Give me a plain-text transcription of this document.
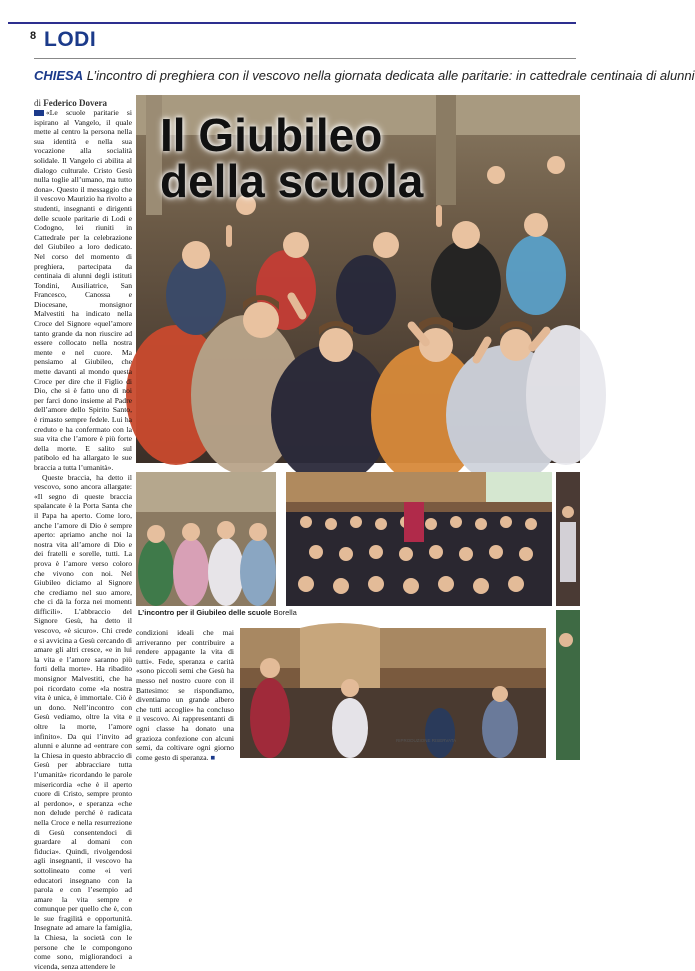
8 LODI
CHIESA L’incontro di preghiera con il vescovo nella giornata dedicata alle paritarie: in cattedrale centinaia di alunni
di Federico Dovera
Il Giubileo
della scuola

«Le scuole paritarie si ispirano al Vangelo, il quale mette al centro la persona nella sua identità e nella sua vocazione alla socialità solidale. Il Vangelo ci abilita al dialogo culturale. Cristo Gesù nulla toglie all’umano, ma tutto dona». Questo il messaggio che il vescovo Maurizio ha rivolto a studenti, insegnanti e dirigenti delle scuole paritarie di Lodi e Codogno, lei riuniti in Cattedrale per la celebrazione del Giubileo a loro dedicato. Nel corso del momento di preghiera, partecipata da centinaia di alunni degli istituti Tondini, Ausiliatrice, San Francesco, Canossa e Diocesane, monsignor Malvestiti ha indicato nella Croce del Signore «quel’amore tanto grande da non riuscire ad essere collocato nella nostra mente e nel cuore. Ma pensiamo al Giubileo, che mette davanti al mondo questa Croce per dire che il Figlio di Dio, che si è fatto uno di noi per farci dono insieme al Padre dell’amore dello Spirito Santo, è rimasto sempre fedele. Lui ha creduto e ha confermato con la sua vita che l’amore è più forte della morte. E salito sul patibolo ed ha allargato le sue braccia a tutta l’umanità».

Queste braccia, ha detto il vescovo, sono ancora allargate: «Il segno di queste braccia spalancate è la Porta Santa che il Papa ha aperto. Come loro, anche l’amore di Dio è sempre aperto: apriamo anche noi la nostra vita all’amore di Dio e dei fratelli e sorelle, tutti. La prova è l’amore verso coloro che vivono con noi. Nel Giubileo diciamo al Signore che crediamo nel suo amore, che ci dà la forza nei momenti difficili». L’abbraccio del Signore Gesù, ha detto il vescovo, «è sicuro». Chi crede e si avvicina a Gesù cercando di amare gli altri cresce, «e in lui la vita e l’amore saranno più forti della morte». Ha ribadito monsignor Malvestiti, che ha poi ricordato come «la nostra vita è unica, è immortale. Ciò è un dono. Nell’incontro con Gesù vediamo, oltre la vita e oltre la morte, l’amore infinito». Da qui l’invito ad alunni e alunne ad «entrare con la Chiesa in questo abbraccio di Gesù per abbracciare tutta l’umanità» ricordando le parole misericordia «che è il aperto cuore di Cristo, sempre pronto al perdono», e speranza «che non delude perché è radicata nella Croce e nella resurrezione di Gesù consentendoci di guardare al domani con fiducia». Quindi, rivolgendosi agli insegnanti, il vescovo ha sottolineato come «i veri educatori insegnano con la parola e con l’esempio ad amare la vita sempre e comunque per quello che è, con le sue fragilità e opportunità. Insegnate ad amare la famiglia, la Chiesa, la società con le persone che le compongono come sono, migliorandoci a vicenda, senza attendere le

L’incontro per il Giubileo delle scuole Borella
condizioni ideali che mai arriveranno per contribuire a rendere appagante la vita di tutti». Fede, speranza e carità «sono piccoli semi che Gesù ha messo nel nostro cuore con il Battesimo: se rispondiamo, diventiamo un grande albero che tutti accoglie» ha concluso il vescovo. Ai rappresentanti di ogni classe ha donato una grazioza confezione con alcuni semi, da coltivare ogni giorno come gesto di speranza. ■
RIPRODUZIONE RISERVATA
